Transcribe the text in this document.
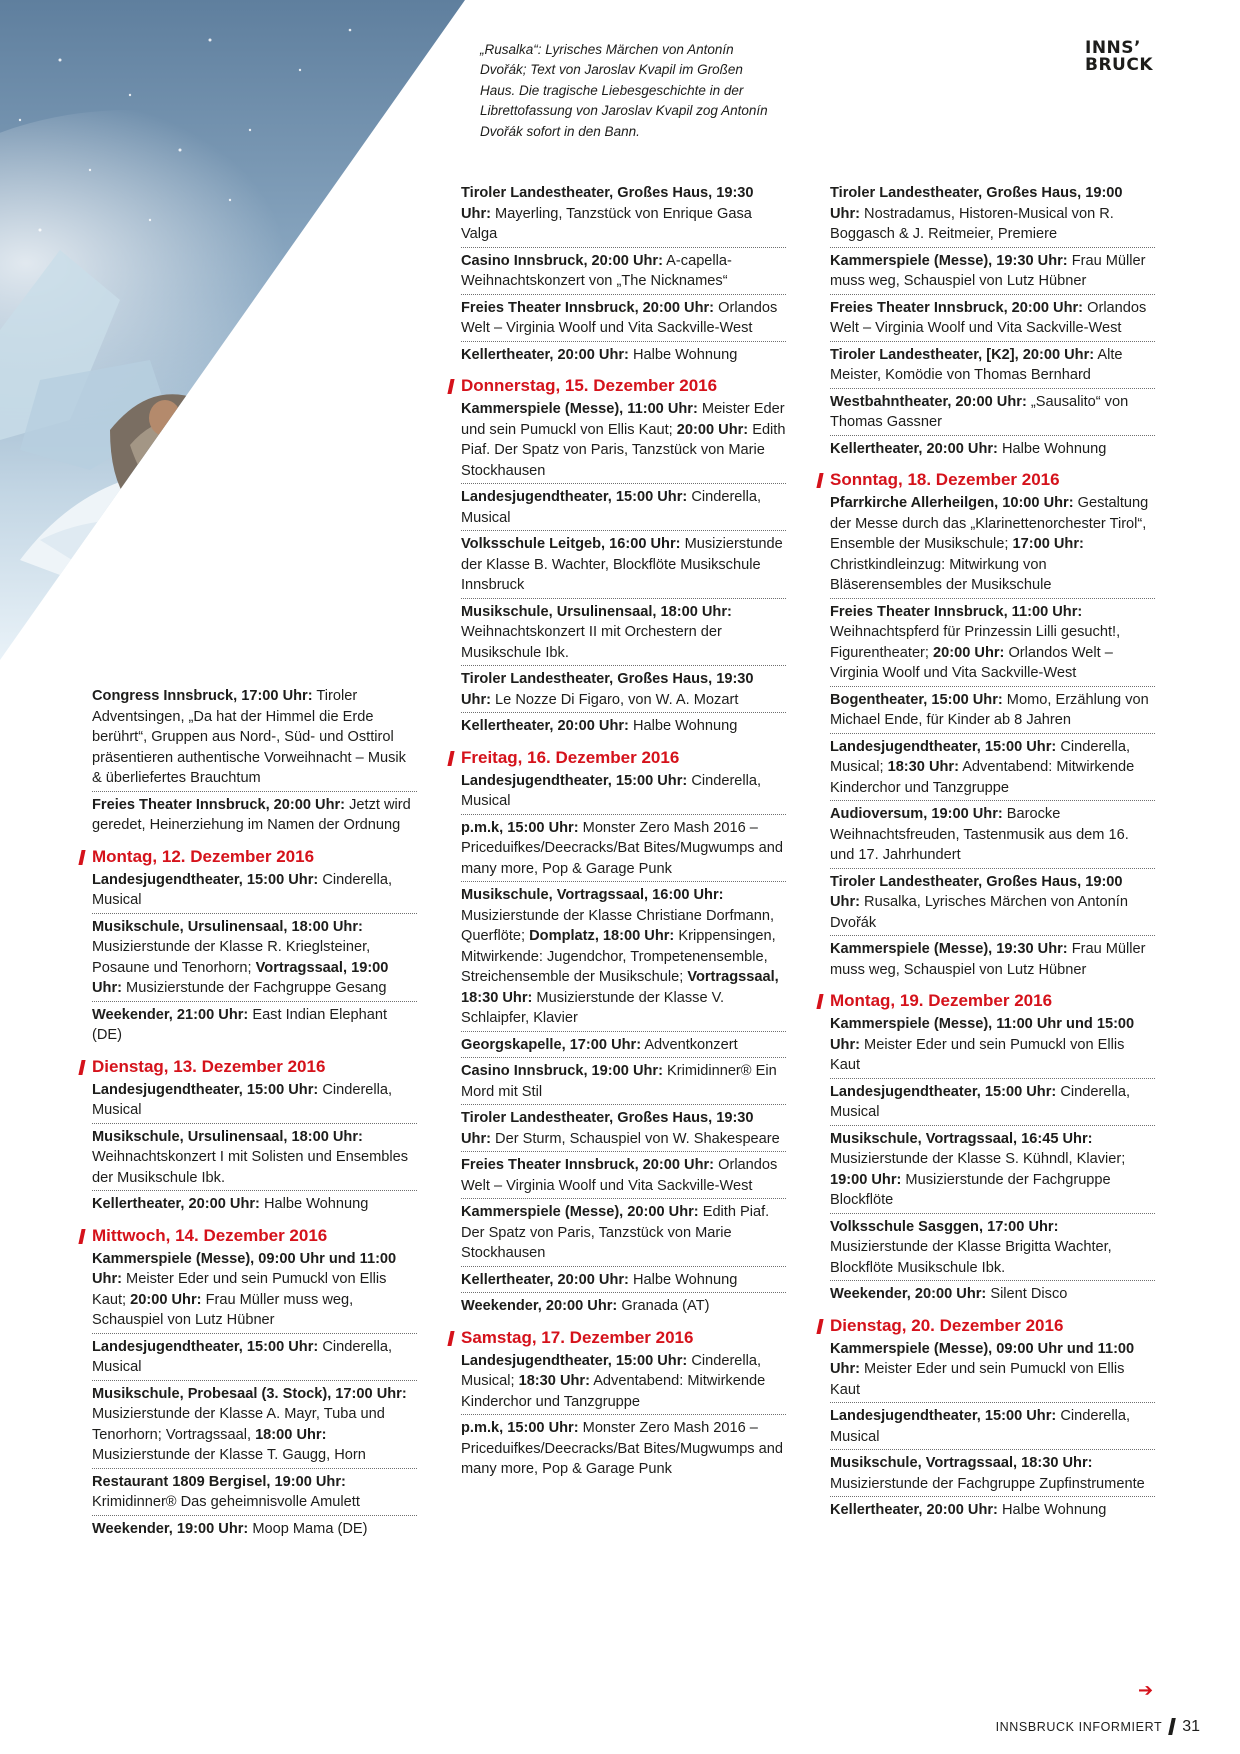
„Rusalka“: Lyrisches Märchen von Antonín Dvořák; Text von Jaroslav Kvapil im Großen Haus. Die tragische Liebesgeschichte in der Librettofassung von Jaroslav Kvapil zog Antonín Dvořák sofort in den Bann.
INNS’
BRUCK
Congress Innsbruck, 17:00 Uhr: Tiroler Adventsingen, „Da hat der Himmel die Erde berührt“, Gruppen aus Nord-, Süd- und Osttirol präsentieren authentische Vorweihnacht – Musik & überliefertes Brauchtum
Freies Theater Innsbruck, 20:00 Uhr: Jetzt wird geredet, Heinerziehung im Namen der Ordnung
Montag, 12. Dezember 2016
Landesjugendtheater, 15:00 Uhr: Cinderella, Musical
Musikschule, Ursulinensaal, 18:00 Uhr: Musizierstunde der Klasse R. Krieglsteiner, Posaune und Tenorhorn; Vortragssaal, 19:00 Uhr: Musizierstunde der Fachgruppe Gesang
Weekender, 21:00 Uhr: East Indian Elephant (DE)
Dienstag, 13. Dezember 2016
Landesjugendtheater, 15:00 Uhr: Cinderella, Musical
Musikschule, Ursulinensaal, 18:00 Uhr: Weihnachtskonzert I mit Solisten und Ensembles der Musikschule Ibk.
Kellertheater, 20:00 Uhr: Halbe Wohnung
Mittwoch, 14. Dezember 2016
Kammerspiele (Messe), 09:00 Uhr und 11:00 Uhr: Meister Eder und sein Pumuckl von Ellis Kaut; 20:00 Uhr: Frau Müller muss weg, Schauspiel von Lutz Hübner
Landesjugendtheater, 15:00 Uhr: Cinderella, Musical
Musikschule, Probesaal (3. Stock), 17:00 Uhr: Musizierstunde der Klasse A. Mayr, Tuba und Tenorhorn; Vortragssaal, 18:00 Uhr: Musizierstunde der Klasse T. Gaugg, Horn
Restaurant 1809 Bergisel, 19:00 Uhr: Krimidinner® Das geheimnisvolle Amulett
Weekender, 19:00 Uhr: Moop Mama (DE)
Tiroler Landestheater, Großes Haus, 19:30 Uhr: Mayerling, Tanzstück von Enrique Gasa Valga
Casino Innsbruck, 20:00 Uhr: A-capella-Weihnachtskonzert von „The Nicknames“
Freies Theater Innsbruck, 20:00 Uhr: Orlandos Welt – Virginia Woolf und Vita Sackville-West
Kellertheater, 20:00 Uhr: Halbe Wohnung
Donnerstag, 15. Dezember 2016
Kammerspiele (Messe), 11:00 Uhr: Meister Eder und sein Pumuckl von Ellis Kaut; 20:00 Uhr: Edith Piaf. Der Spatz von Paris, Tanzstück von Marie Stockhausen
Landesjugendtheater, 15:00 Uhr: Cinderella, Musical
Volksschule Leitgeb, 16:00 Uhr: Musizierstunde der Klasse B. Wachter, Blockflöte Musikschule Innsbruck
Musikschule, Ursulinensaal, 18:00 Uhr: Weihnachtskonzert II mit Orchestern der Musikschule Ibk.
Tiroler Landestheater, Großes Haus, 19:30 Uhr: Le Nozze Di Figaro, von W. A. Mozart
Kellertheater, 20:00 Uhr: Halbe Wohnung
Freitag, 16. Dezember 2016
Landesjugendtheater, 15:00 Uhr: Cinderella, Musical
p.m.k, 15:00 Uhr: Monster Zero Mash 2016 – Priceduifkes/Deecracks/Bat Bites/Mugwumps and many more, Pop & Garage Punk
Musikschule, Vortragssaal, 16:00 Uhr: Musizierstunde der Klasse Christiane Dorfmann, Querflöte; Domplatz, 18:00 Uhr: Krippensingen, Mitwirkende: Jugendchor, Trompetenensemble, Streichensemble der Musikschule; Vortragssaal, 18:30 Uhr: Musizierstunde der Klasse V. Schlaipfer, Klavier
Georgskapelle, 17:00 Uhr: Adventkonzert
Casino Innsbruck, 19:00 Uhr: Krimidinner® Ein Mord mit Stil
Tiroler Landestheater, Großes Haus, 19:30 Uhr: Der Sturm, Schauspiel von W. Shakespeare
Freies Theater Innsbruck, 20:00 Uhr: Orlandos Welt – Virginia Woolf und Vita Sackville-West
Kammerspiele (Messe), 20:00 Uhr: Edith Piaf. Der Spatz von Paris, Tanzstück von Marie Stockhausen
Kellertheater, 20:00 Uhr: Halbe Wohnung
Weekender, 20:00 Uhr: Granada (AT)
Samstag, 17. Dezember 2016
Landesjugendtheater, 15:00 Uhr: Cinderella, Musical; 18:30 Uhr: Adventabend: Mitwirkende Kinderchor und Tanzgruppe
p.m.k, 15:00 Uhr: Monster Zero Mash 2016 – Priceduifkes/Deecracks/Bat Bites/Mugwumps and many more, Pop & Garage Punk
Tiroler Landestheater, Großes Haus, 19:00 Uhr: Nostradamus, Historen-Musical von R. Boggasch & J. Reitmeier, Premiere
Kammerspiele (Messe), 19:30 Uhr: Frau Müller muss weg, Schauspiel von Lutz Hübner
Freies Theater Innsbruck, 20:00 Uhr: Orlandos Welt – Virginia Woolf und Vita Sackville-West
Tiroler Landestheater, [K2], 20:00 Uhr: Alte Meister, Komödie von Thomas Bernhard
Westbahntheater, 20:00 Uhr: „Sausalito“ von Thomas Gassner
Kellertheater, 20:00 Uhr: Halbe Wohnung
Sonntag, 18. Dezember 2016
Pfarrkirche Allerheilgen, 10:00 Uhr: Gestaltung der Messe durch das „Klarinettenorchester Tirol“, Ensemble der Musikschule; 17:00 Uhr: Christkindleinzug: Mitwirkung von Bläserensembles der Musikschule
Freies Theater Innsbruck, 11:00 Uhr: Weihnachtspferd für Prinzessin Lilli gesucht!, Figurentheater; 20:00 Uhr: Orlandos Welt – Virginia Woolf und Vita Sackville-West
Bogentheater, 15:00 Uhr: Momo, Erzählung von Michael Ende, für Kinder ab 8 Jahren
Landesjugendtheater, 15:00 Uhr: Cinderella, Musical; 18:30 Uhr: Adventabend: Mitwirkende Kinderchor und Tanzgruppe
Audioversum, 19:00 Uhr: Barocke Weihnachtsfreuden, Tastenmusik aus dem 16. und 17. Jahrhundert
Tiroler Landestheater, Großes Haus, 19:00 Uhr: Rusalka, Lyrisches Märchen von Antonín Dvořák
Kammerspiele (Messe), 19:30 Uhr: Frau Müller muss weg, Schauspiel von Lutz Hübner
Montag, 19. Dezember 2016
Kammerspiele (Messe), 11:00 Uhr und 15:00 Uhr: Meister Eder und sein Pumuckl von Ellis Kaut
Landesjugendtheater, 15:00 Uhr: Cinderella, Musical
Musikschule, Vortragssaal, 16:45 Uhr: Musizierstunde der Klasse S. Kühndl, Klavier; 19:00 Uhr: Musizierstunde der Fachgruppe Blockflöte
Volksschule Sasggen, 17:00 Uhr: Musizierstunde der Klasse Brigitta Wachter, Blockflöte Musikschule Ibk.
Weekender, 20:00 Uhr: Silent Disco
Dienstag, 20. Dezember 2016
Kammerspiele (Messe), 09:00 Uhr und 11:00 Uhr: Meister Eder und sein Pumuckl von Ellis Kaut
Landesjugendtheater, 15:00 Uhr: Cinderella, Musical
Musikschule, Vortragssaal, 18:30 Uhr: Musizierstunde der Fachgruppe Zupfinstrumente
Kellertheater, 20:00 Uhr: Halbe Wohnung
➔
INNSBRUCK INFORMIERT 31
